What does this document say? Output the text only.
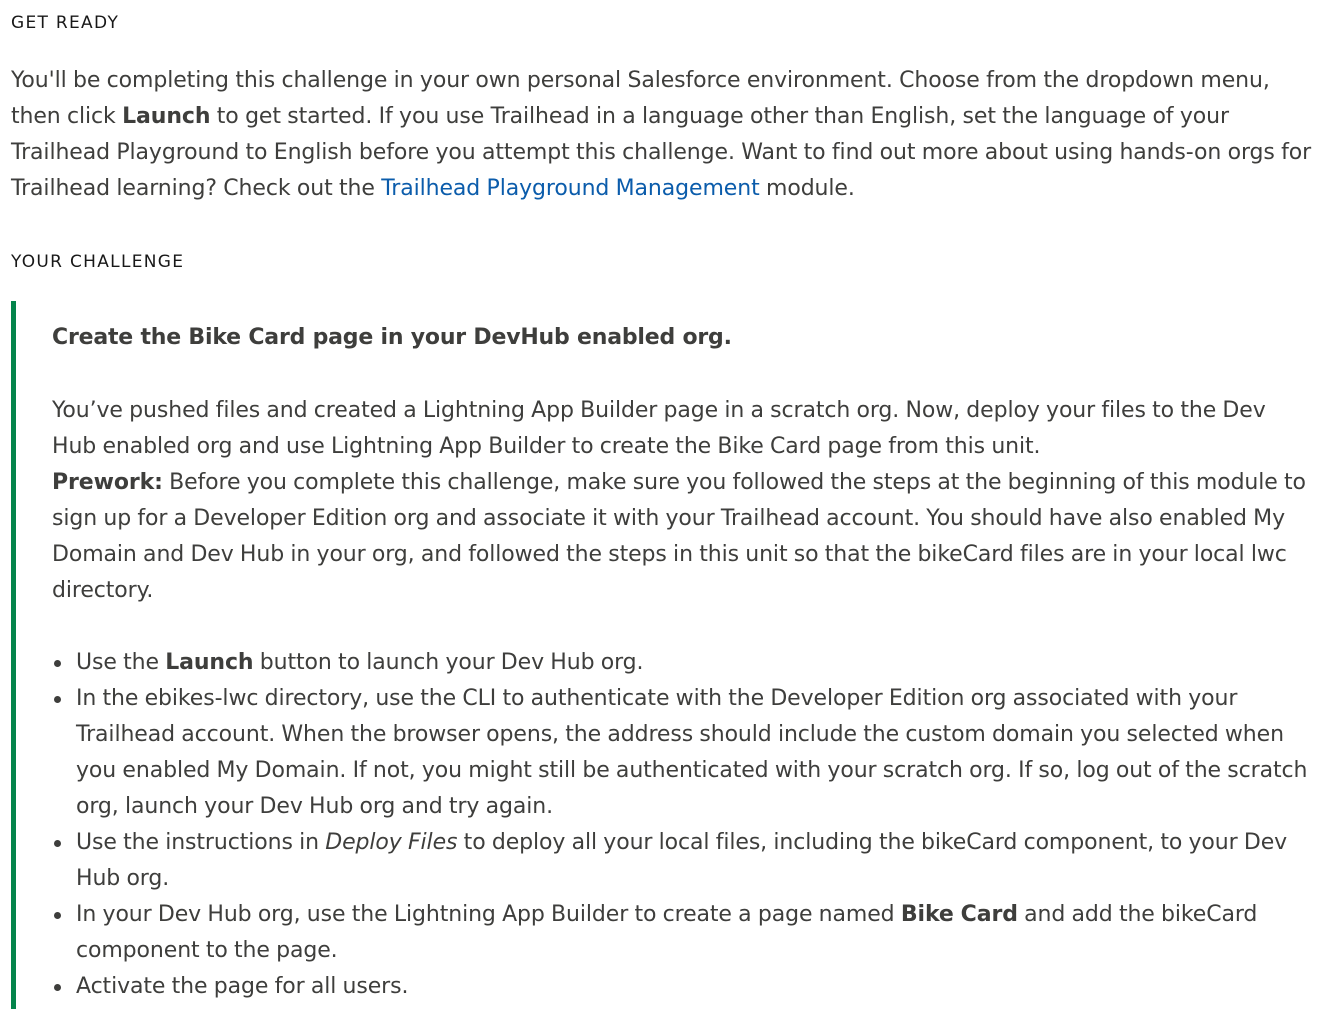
GET READY

You'll be completing this challenge in your own personal Salesforce environment. Choose from the dropdown menu, then click Launch to get started. If you use Trailhead in a language other than English, set the language of your Trailhead Playground to English before you attempt this challenge. Want to find out more about using hands-on orgs for Trailhead learning? Check out the Trailhead Playground Management module.

YOUR CHALLENGE

Create the Bike Card page in your DevHub enabled org.

You’ve pushed files and created a Lightning App Builder page in a scratch org. Now, deploy your files to the Dev Hub enabled org and use Lightning App Builder to create the Bike Card page from this unit.
Prework: Before you complete this challenge, make sure you followed the steps at the beginning of this module to sign up for a Developer Edition org and associate it with your Trailhead account. You should have also enabled My Domain and Dev Hub in your org, and followed the steps in this unit so that the bikeCard files are in your local lwc directory.

Use the Launch button to launch your Dev Hub org.
In the ebikes-lwc directory, use the CLI to authenticate with the Developer Edition org associated with your Trailhead account. When the browser opens, the address should include the custom domain you selected when you enabled My Domain. If not, you might still be authenticated with your scratch org. If so, log out of the scratch org, launch your Dev Hub org and try again.
Use the instructions in Deploy Files to deploy all your local files, including the bikeCard component, to your Dev Hub org.
In your Dev Hub org, use the Lightning App Builder to create a page named Bike Card and add the bikeCard component to the page.
Activate the page for all users.
